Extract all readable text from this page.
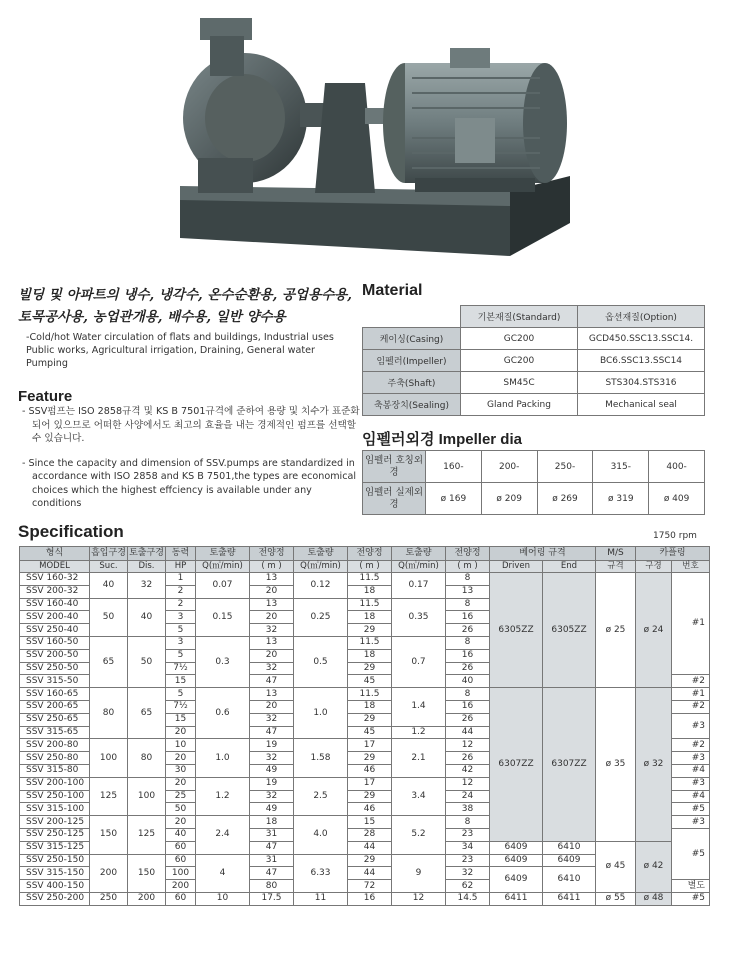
빌딩 및 아파트의 냉수, 냉각수, 온수순환용, 공업용수용,
토목공사용, 농업관개용, 배수용, 일반 양수용
-Cold/hot Water circulation of flats and buildings, Industrial uses Public works, Agricultural irrigation, Draining, General water Pumping
Feature

- SSV펌프는 ISO 2858규격 및 KS B 7501규격에 준하여 용량 및 치수가 표준화되어 있으므로 어떠한 사양에서도 최고의 효율을 내는 경제적인 펌프를 선택할 수 있습니다.

- Since the capacity and dimension of SSV.pumps are standardized in accordance with ISO 2858 and KS B 7501,the types are economical choices which the highest effciency is available under any conditions

Material
	기본재질(Standard)	옵션재질(Option)
케이싱(Casing)	GC200	GCD450.SSC13.SSC14.
임펠러(Impeller)	GC200	BC6.SSC13.SSC14
주축(Shaft)	SM45C	STS304.STS316
축봉장치(Sealing)	Gland Packing	Mechanical seal
임펠러외경 Impeller dia
임펠러 호칭외경	160-	200-	250-	315-	400-
임펠러 실제외경	ø 169	ø 209	ø 269	ø 319	ø 409
Specification	1750 rpm
형식	흡입구경	토출구경	동력	토출량	전양정	토출량	전양정	토출량	전양정	베어링 규격		M/S	카플링	
MODEL	Suc.	Dis.	HP	Q(㎥/min)	( m )	Q(㎥/min)	( m )	Q(㎥/min)	( m )	Driven	End	규격	구경	번호
SSV 160-32	40	32	1	0.07	13	0.12	11.5	0.17	8	6305ZZ	6305ZZ	ø 25	ø 24	#1
SSV 200-32			2		20		18		13					
SSV 160-40	50	40	2	0.15	13	0.25	11.5	0.35	8					
SSV 200-40			3		20		18		16					
SSV 250-40			5		32		29		26					
SSV 160-50	65	50	3	0.3	13	0.5	11.5	0.7	8					
SSV 200-50			5		20		18		16					
SSV 250-50			7½		32		29		26					
SSV 315-50			15		47		45		40					#2
SSV 160-65	80	65	5	0.6	13	1.0	11.5	1.4	8	6307ZZ	6307ZZ	ø 35	ø 32	#1
SSV 200-65			7½		20		18		16					#2
SSV 250-65			15		32		29		26					#3
SSV 315-65			20		47		45	1.2	44					
SSV 200-80	100	80	10	1.0	19	1.58	17	2.1	12					#2
SSV 250-80			20		32		29		26					#3
SSV 315-80			30		49		46		42					#4
SSV 200-100	125	100	20	1.2	19	2.5	17	3.4	12					#3
SSV 250-100			25		32		29		24					#4
SSV 315-100			50		49		46		38					#5
SSV 200-125	150	125	20	2.4	18	4.0	15	5.2	8					#3
SSV 250-125			40		31		28		23					#5
SSV 315-125			60		47		44		34	6409	6410	ø 45	ø 42	
SSV 250-150	200	150	60	4	31	6.33	29	9	23	6409	6409			
SSV 315-150			100		47		44		32	6409	6410			
SSV 400-150			200		80		72		62					별도
SSV 250-200	250	200	60	10	17.5	11	16	12	14.5	6411	6411	ø 55	ø 48	#5
